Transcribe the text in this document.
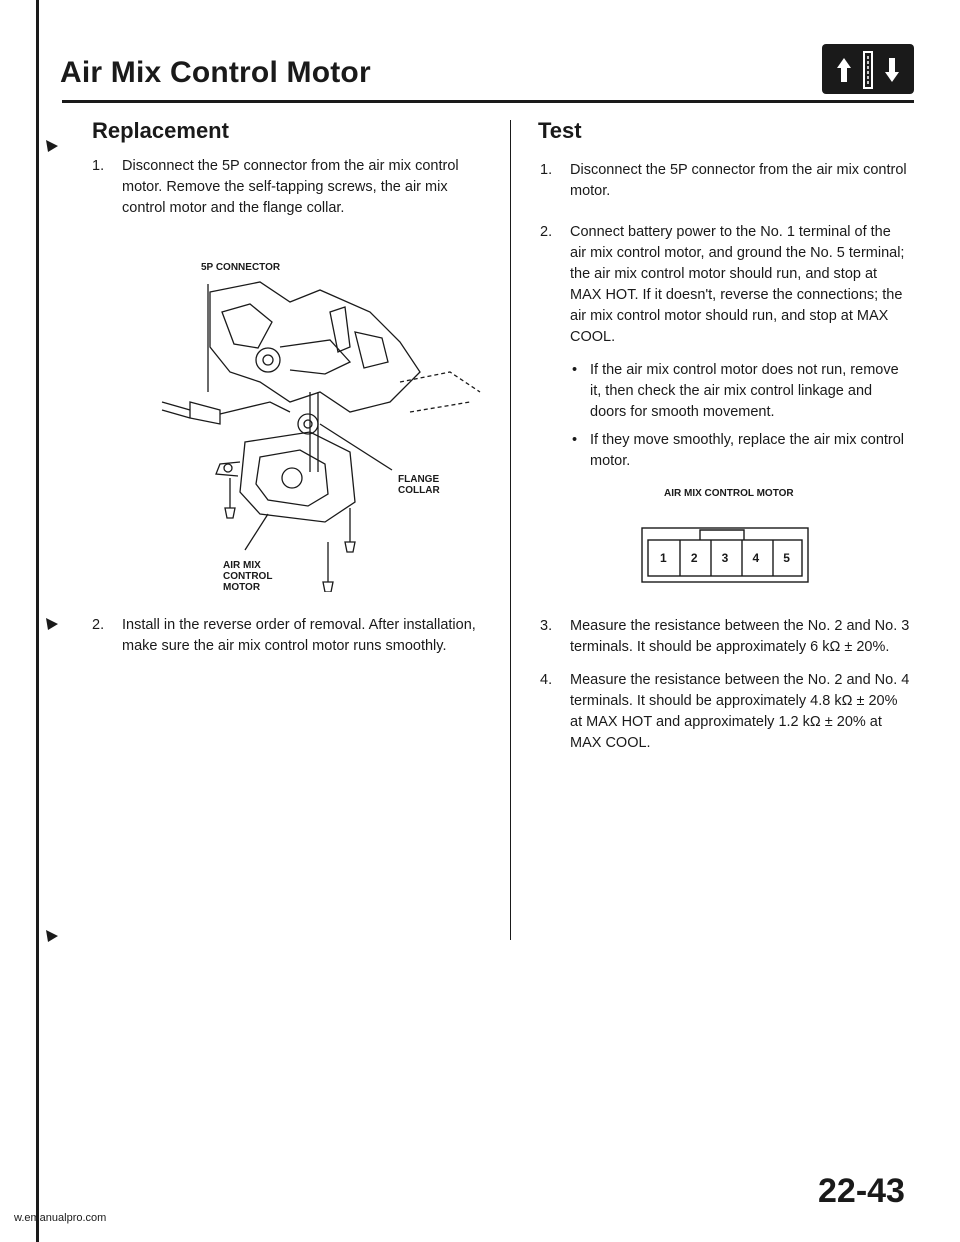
Air Mix Control Motor
Replacement
1. Disconnect the 5P connector from the air mix control motor. Remove the self-tapping screws, the air mix control motor and the flange collar.
5P CONNECTOR
FLANGE
COLLAR
AIR MIX
CONTROL
MOTOR
2. Install in the reverse order of removal. After installation, make sure the air mix control motor runs smoothly.
Test
1. Disconnect the 5P connector from the air mix control motor.
2. Connect battery power to the No. 1 terminal of the air mix control motor, and ground the No. 5 terminal; the air mix control motor should run, and stop at MAX HOT. If it doesn't, reverse the connections; the air mix control motor should run, and stop at MAX COOL.
• If the air mix control motor does not run, remove it, then check the air mix control linkage and doors for smooth movement.
• If they move smoothly, replace the air mix control motor.
AIR MIX CONTROL MOTOR
1	2	3	4	5
3. Measure the resistance between the No. 2 and No. 3 terminals. It should be approximately 6 kΩ ± 20%.
4. Measure the resistance between the No. 2 and No. 4 terminals. It should be approximately 4.8 kΩ ± 20% at MAX HOT and approximately 1.2 kΩ ± 20% at MAX COOL.
22-43
w.emanualpro.com
